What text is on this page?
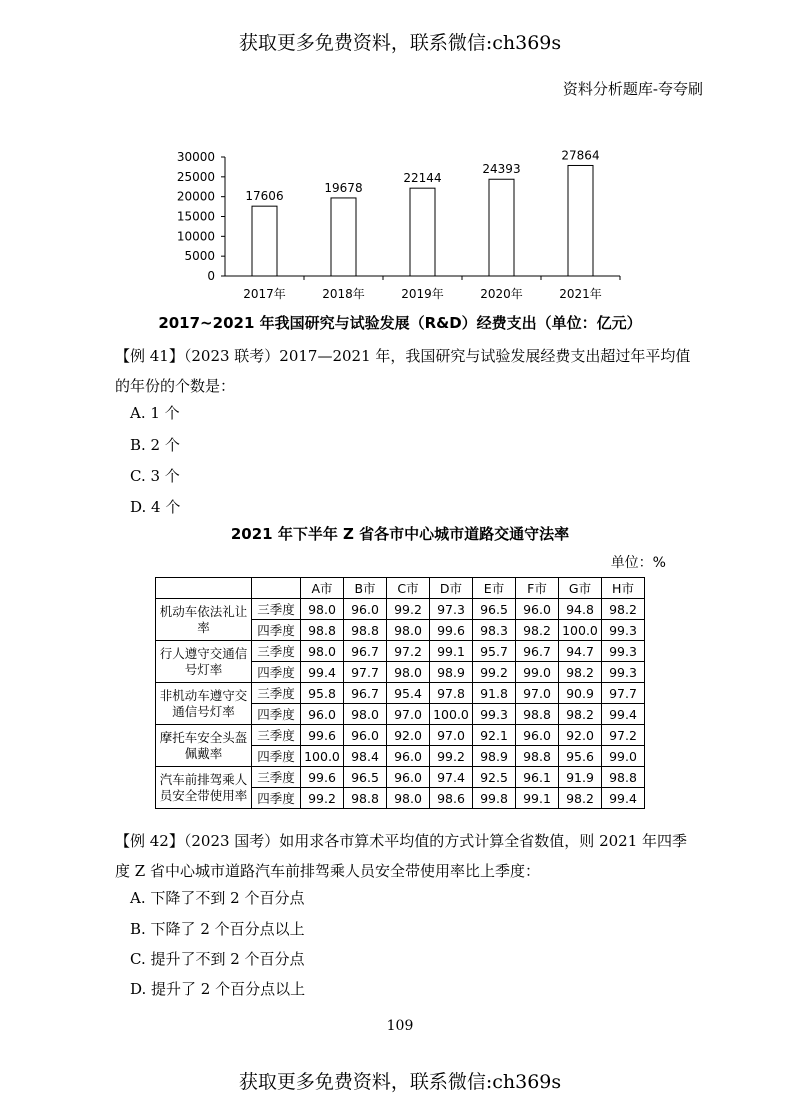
获取更多免费资料，联系微信:ch369s
资料分析题库-夸夸刷
0
5000
10000
15000
20000
25000
30000
17606
2017年
19678
2018年
22144
2019年
24393
2020年
27864
2021年
2017~2021 年我国研究与试验发展（R&D）经费支出（单位：亿元）
【例 41】（2023 联考）2017—2021 年，我国研究与试验发展经费支出超过年平均值的年份的个数是：
A. 1 个
B. 2 个
C. 3 个
D. 4 个
2021 年下半年 Z 省各市中心城市道路交通守法率
单位：%
		A市	B市	C市	D市	E市	F市	G市	H市
机动车依法礼让率	三季度	98.0	96.0	99.2	97.3	96.5	96.0	94.8	98.2
	四季度	98.8	98.8	98.0	99.6	98.3	98.2	100.0	99.3
行人遵守交通信号灯率	三季度	98.0	96.7	97.2	99.1	95.7	96.7	94.7	99.3
	四季度	99.4	97.7	98.0	98.9	99.2	99.0	98.2	99.3
非机动车遵守交通信号灯率	三季度	95.8	96.7	95.4	97.8	91.8	97.0	90.9	97.7
	四季度	96.0	98.0	97.0	100.0	99.3	98.8	98.2	99.4
摩托车安全头盔佩戴率	三季度	99.6	96.0	92.0	97.0	92.1	96.0	92.0	97.2
	四季度	100.0	98.4	96.0	99.2	98.9	98.8	95.6	99.0
汽车前排驾乘人员安全带使用率	三季度	99.6	96.5	96.0	97.4	92.5	96.1	91.9	98.8
	四季度	99.2	98.8	98.0	98.6	99.8	99.1	98.2	99.4
【例 42】（2023 国考）如用求各市算术平均值的方式计算全省数值，则 2021 年四季度 Z 省中心城市道路汽车前排驾乘人员安全带使用率比上季度：
A. 下降了不到 2 个百分点
B. 下降了 2 个百分点以上
C. 提升了不到 2 个百分点
D. 提升了 2 个百分点以上
109
获取更多免费资料，联系微信:ch369s
